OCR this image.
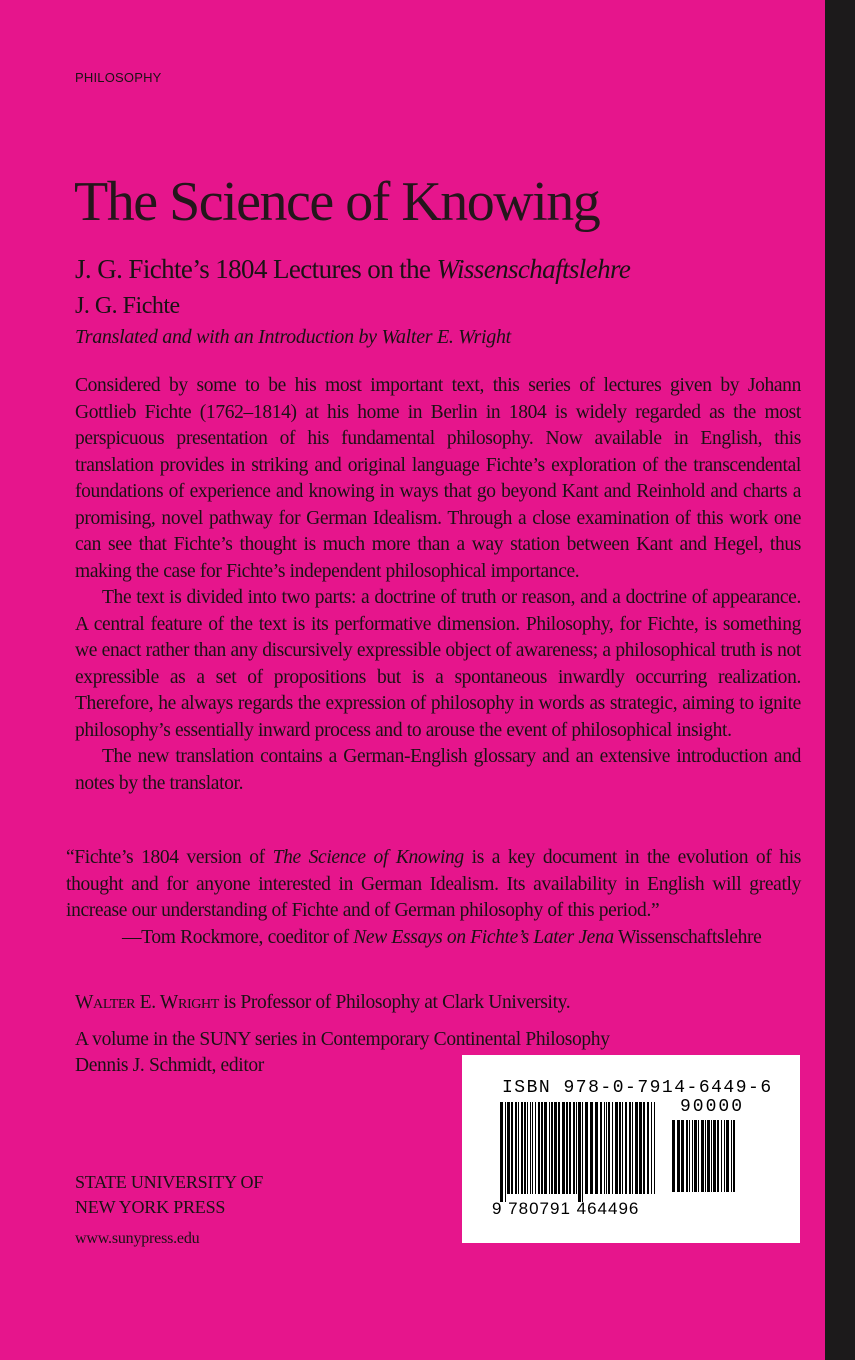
PHILOSOPHY
The Science of Knowing
J. G. Fichte’s 1804 Lectures on the Wissenschaftslehre
J. G. Fichte
Translated and with an Introduction by Walter E. Wright

Considered by some to be his most important text, this series of lectures given by Johann Gottlieb Fichte (1762–1814) at his home in Berlin in 1804 is widely regarded as the most perspicuous presentation of his fundamental philosophy. Now available in English, this translation provides in striking and original language Fichte’s exploration of the transcendental foundations of experience and knowing in ways that go beyond Kant and Reinhold and charts a promising, novel pathway for German Idealism. Through a close examination of this work one can see that Fichte’s thought is much more than a way station between Kant and Hegel, thus making the case for Fichte’s independent philosophical importance.

The text is divided into two parts: a doctrine of truth or reason, and a doctrine of appearance. A central feature of the text is its performative dimension. Philosophy, for Fichte, is something we enact rather than any discursively expressible object of awareness; a philosophical truth is not expressible as a set of propositions but is a spontaneous inwardly occurring realization. Therefore, he always regards the expression of philosophy in words as strategic, aiming to ignite philosophy’s essentially inward process and to arouse the event of philosophical insight.

The new translation contains a German-English glossary and an extensive introduction and notes by the translator.

“Fichte’s 1804 version of The Science of Knowing is a key document in the evolution of his thought and for anyone interested in German Idealism. Its availability in English will greatly increase our understanding of Fichte and of German philosophy of this period.”

—Tom Rockmore, coeditor of New Essays on Fichte’s Later Jena Wissenschaftslehre
Walter E. Wright is Professor of Philosophy at Clark University.
A volume in the SUNY series in Contemporary Continental Philosophy
Dennis J. Schmidt, editor
STATE UNIVERSITY OF
NEW YORK PRESS
www.sunypress.edu
ISBN 978-0-7914-6449-6
90000
9 780791 464496
